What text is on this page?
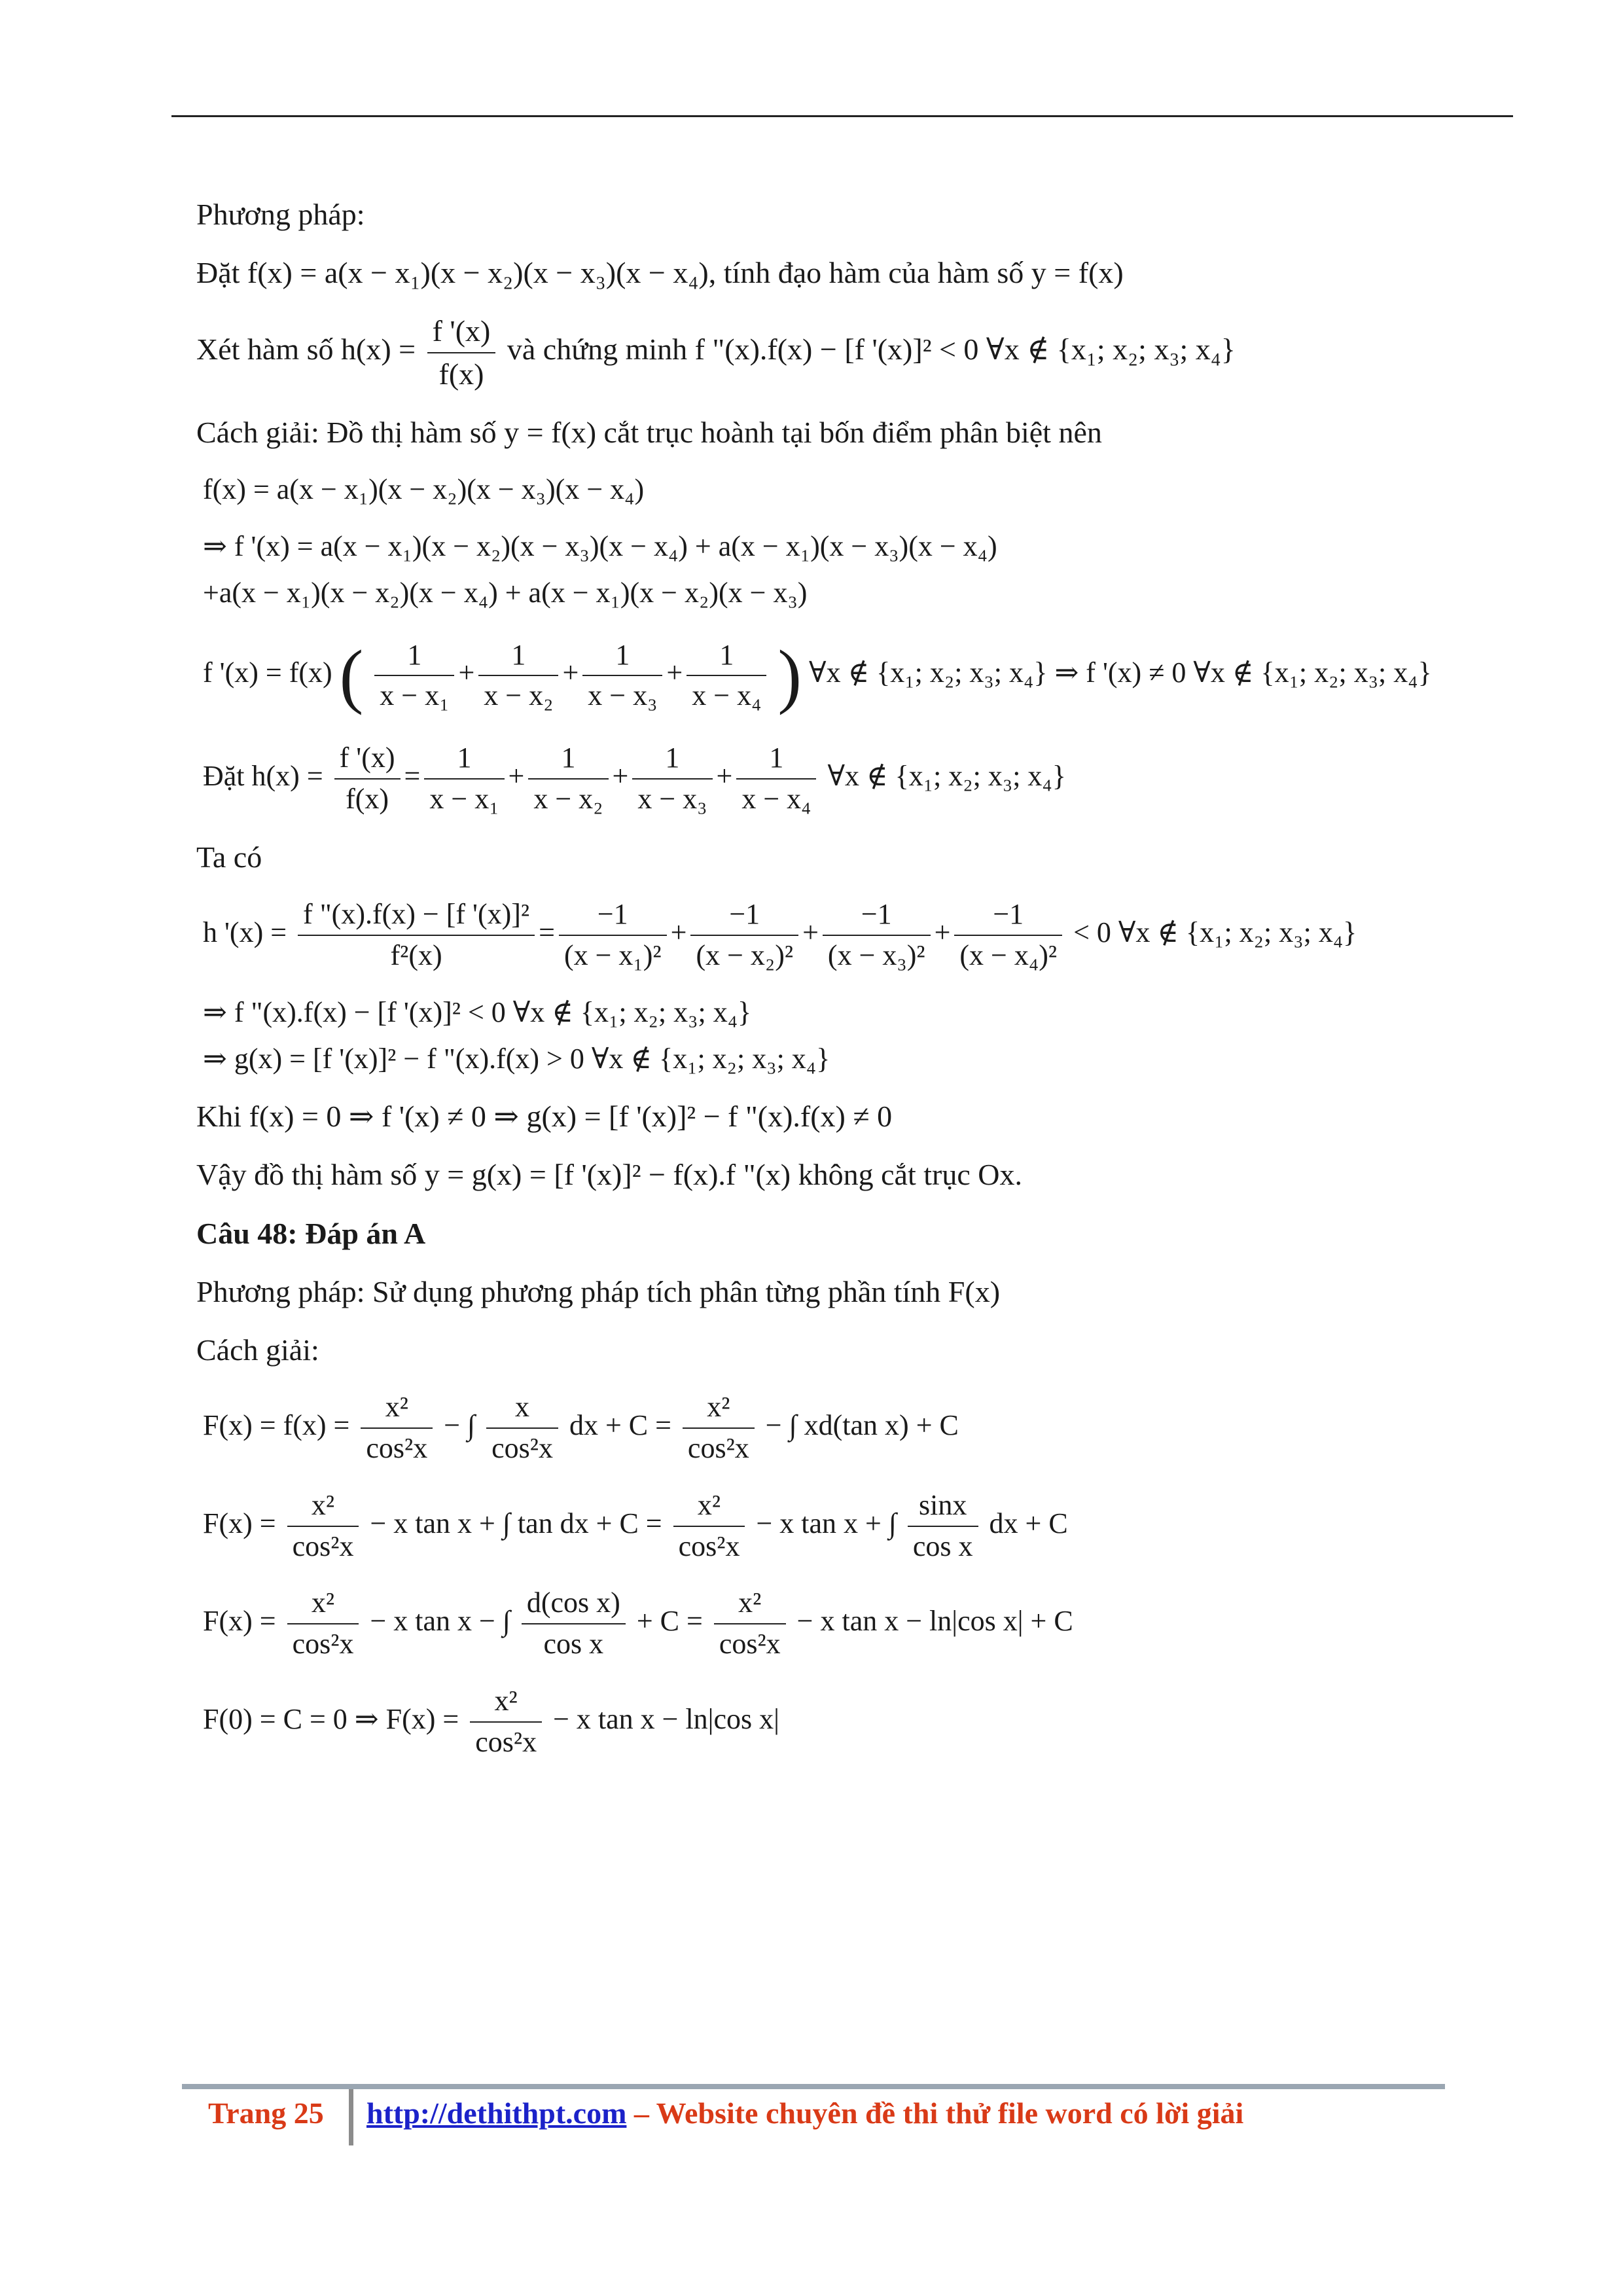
Phương pháp:

Đặt f(x) = a(x − x₁)(x − x₂)(x − x₃)(x − x₄), tính đạo hàm của hàm số y = f(x)

Xét hàm số $h(x) = \frac{f '(x)}{f(x)}$ và chứng minh f "(x).f(x) − [f '(x)]² < 0 ∀x ∉ {x₁; x₂; x₃; x₄}

Cách giải: Đồ thị hàm số y = f(x) cắt trục hoành tại bốn điểm phân biệt nên

f(x) = a(x − x₁)(x − x₂)(x − x₃)(x − x₄)
⇒ f '(x) = a(x − x₁)(x − x₂)(x − x₃)(x − x₄) + a(x − x₁)(x − x₃)(x − x₄)
+a(x − x₁)(x − x₂)(x − x₄) + a(x − x₁)(x − x₂)(x − x₃)
f '(x) = f(x) ( $\frac{1}{\text{x − x₁}} + \frac{1}{\text{x − x₂}} + \frac{1}{\text{x − x₃}} + \frac{1}{\text{x − x₄}}$ ) ∀x ∉ {x₁; x₂; x₃; x₄} ⇒ f '(x) ≠ 0 ∀x ∉ {x₁; x₂; x₃; x₄}
Đặt $h(x) = \frac{f '(x)}{f(x)} = \frac{1}{\text{x − x₁}} + \frac{1}{\text{x − x₂}} + \frac{1}{\text{x − x₃}} + \frac{1}{\text{x − x₄}}$ ∀x ∉ {x₁; x₂; x₃; x₄}

Ta có

h '$(x) = \frac{\text{f "(x).f(x) − [f '(x)]²}}{\text{f²(x)}} = \frac{-1}{\text{(x − x₁)²}} + \frac{-1}{\text{(x − x₂)²}} + \frac{-1}{\text{(x − x₃)²}} + \frac{-1}{\text{(x − x₄)²}} < 0$ ∀x ∉ {x₁; x₂; x₃; x₄}
⇒ f "(x).f(x) − [f '(x)]² < 0 ∀x ∉ {x₁; x₂; x₃; x₄}
⇒ g(x) = [f '(x)]² − f "(x).f(x) > 0 ∀x ∉ {x₁; x₂; x₃; x₄}

Khi f(x) = 0 ⇒ f '(x) ≠ 0 ⇒ g(x) = [f '(x)]² − f "(x).f(x) ≠ 0

Vậy đồ thị hàm số y = g(x) = [f '(x)]² − f(x).f "(x) không cắt trục Ox.

Câu 48: Đáp án A

Phương pháp: Sử dụng phương pháp tích phân từng phần tính F(x)

Cách giải:

$F(x) = f(x) = \frac{\text{x²}}{\text{cos²x}}$ − ∫ $\frac{x}{\text{cos²x}}$ dx + $C = \frac{\text{x²}}{\text{cos²x}}$ − ∫ xd(tan x) + C
$F(x) = \frac{\text{x²}}{\text{cos²x}} - x$ tan x + ∫ tan dx + $C = \frac{\text{x²}}{\text{cos²x}} - x$ tan x + ∫ $\frac{\sin x}{\text{cos x}}$ dx + C
$F(x) = \frac{\text{x²}}{\text{cos²x}} - x$ tan x − ∫ $\frac{\text{d(cos x)}}{\text{cos x}} + C = \frac{\text{x²}}{\text{cos²x}} - x$ tan x − ln|cos x| + C
F(0) = C = 0 ⇒ $F(x) = \frac{\text{x²}}{\text{cos²x}} - x$ tan x − ln|cos x|
Trang 25 http://dethithpt.com – Website chuyên đề thi thử file word có lời giải
